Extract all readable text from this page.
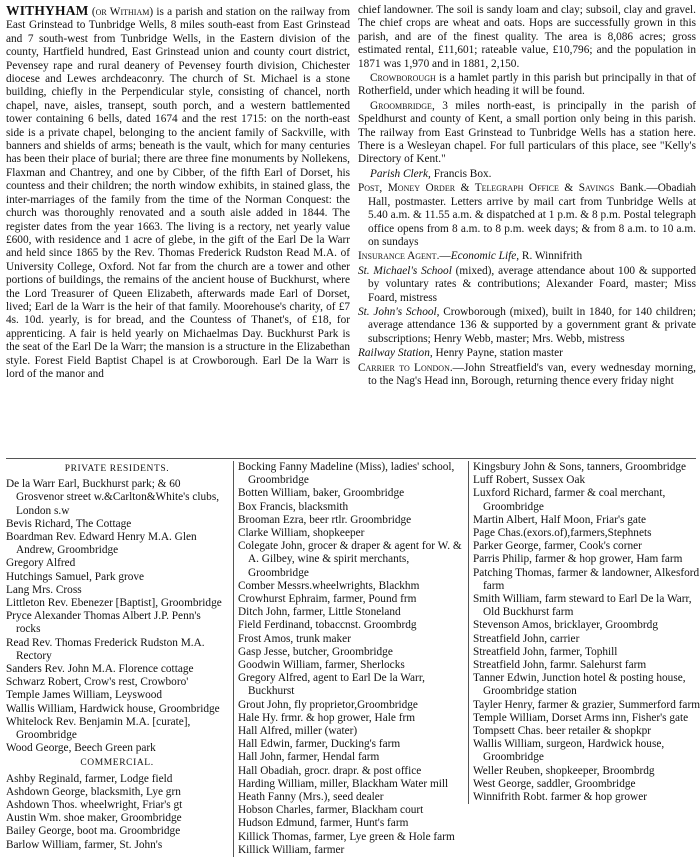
WITHYHAM (or Withiam) is a parish and station on the railway from East Grinstead to Tunbridge Wells, 8 miles south-east from East Grinstead and 7 south-west from Tunbridge Wells, in the Eastern division of the county, Hartfield hundred, East Grinstead union and county court district, Pevensey rape and rural deanery of Pevensey fourth division, Chichester diocese and Lewes archdeaconry. The church of St. Michael is a stone building, chiefly in the Perpendicular style, consisting of chancel, north chapel, nave, aisles, transept, south porch, and a western battlemented tower containing 6 bells, dated 1674 and the rest 1715: on the north-east side is a private chapel, belonging to the ancient family of Sackville, with banners and shields of arms; beneath is the vault, which for many centuries has been their place of burial; there are three fine monuments by Nollekens, Flaxman and Chantrey, and one by Cibber, of the fifth Earl of Dorset, his countess and their children; the north window exhibits, in stained glass, the inter-marriages of the family from the time of the Norman Conquest: the church was thoroughly renovated and a south aisle added in 1844. The register dates from the year 1663. The living is a rectory, net yearly value £600, with residence and 1 acre of glebe, in the gift of the Earl De la Warr and held since 1865 by the Rev. Thomas Frederick Rudston Read M.A. of University College, Oxford. Not far from the church are a tower and other portions of buildings, the remains of the ancient house of Buckhurst, where the Lord Treasurer of Queen Elizabeth, afterwards made Earl of Dorset, lived; Earl de la Warr is the heir of that family. Moorehouse's charity, of £7 4s. 10d. yearly, is for bread, and the Countess of Thanet's, of £18, for apprenticing. A fair is held yearly on Michaelmas Day. Buckhurst Park is the seat of the Earl De la Warr; the mansion is a structure in the Elizabethan style. Forest Field Baptist Chapel is at Crowborough. Earl De la Warr is lord of the manor and

chief landowner. The soil is sandy loam and clay; subsoil, clay and gravel. The chief crops are wheat and oats. Hops are successfully grown in this parish, and are of the finest quality. The area is 8,086 acres; gross estimated rental, £11,601; rateable value, £10,796; and the population in 1871 was 1,970 and in 1881, 2,150.

Crowborough is a hamlet partly in this parish but principally in that of Rotherfield, under which heading it will be found.

Groombridge, 3 miles north-east, is principally in the parish of Speldhurst and county of Kent, a small portion only being in this parish. The railway from East Grinstead to Tunbridge Wells has a station here. There is a Wesleyan chapel. For full particulars of this place, see "Kelly's Directory of Kent."

Parish Clerk, Francis Box.

Post, Money Order & Telegraph Office & Savings Bank.—Obadiah Hall, postmaster. Letters arrive by mail cart from Tunbridge Wells at 5.40 a.m. & 11.55 a.m. & dispatched at 1 p.m. & 8 p.m. Postal telegraph office opens from 8 a.m. to 8 p.m. week days; & from 8 a.m. to 10 a.m. on sundays

Insurance Agent.—Economic Life, R. Winnifrith

St. Michael's School (mixed), average attendance about 100 & supported by voluntary rates & contributions; Alexander Foard, master; Miss Foard, mistress

St. John's School, Crowborough (mixed), built in 1840, for 140 children; average attendance 136 & supported by a government grant & private subscriptions; Henry Webb, master; Mrs. Webb, mistress

Railway Station, Henry Payne, station master

Carrier to London.—John Streatfield's van, every wednesday morning, to the Nag's Head inn, Borough, returning thence every friday night

PRIVATE RESIDENTS.
De la Warr Earl, Buckhurst park; & 60 Grosvenor street w.&Carlton&White's clubs, London s.w
Bevis Richard, The Cottage
Boardman Rev. Edward Henry M.A. Glen Andrew, Groombridge
Gregory Alfred
Hutchings Samuel, Park grove
Lang Mrs. Cross
Littleton Rev. Ebenezer [Baptist], Groombridge
Pryce Alexander Thomas Albert J.P. Penn's rocks
Read Rev. Thomas Frederick Rudston M.A. Rectory
Sanders Rev. John M.A. Florence cottage
Schwarz Robert, Crow's rest, Crowboro'
Temple James William, Leyswood
Wallis William, Hardwick house, Groombridge
Whitelock Rev. Benjamin M.A. [curate], Groombridge
Wood George, Beech Green park
COMMERCIAL.
Ashby Reginald, farmer, Lodge field
Ashdown George, blacksmith, Lye grn
Ashdown Thos. wheelwright, Friar's gt
Austin Wm. shoe maker, Groombridge
Bailey George, boot ma. Groombridge
Barlow William, farmer, St. John's
Bocking Fanny Madeline (Miss), ladies' school, Groombridge
Botten William, baker, Groombridge
Box Francis, blacksmith
Brooman Ezra, beer rtlr. Groombridge
Clarke William, shopkeeper
Colegate John, grocer & draper & agent for W. & A. Gilbey, wine & spirit merchants, Groombridge
Comber Messrs.wheelwrights, Blackhm
Crowhurst Ephraim, farmer, Pound frm
Ditch John, farmer, Little Stoneland
Field Ferdinand, tobaccnst. Groombrdg
Frost Amos, trunk maker
Gasp Jesse, butcher, Groombridge
Goodwin William, farmer, Sherlocks
Gregory Alfred, agent to Earl De la Warr, Buckhurst
Grout John, fly proprietor,Groombridge
Hale Hy. frmr. & hop grower, Hale frm
Hall Alfred, miller (water)
Hall Edwin, farmer, Ducking's farm
Hall John, farmer, Hendal farm
Hall Obadiah, grocr. drapr. & post office
Harding William, miller, Blackham Water mill
Heath Fanny (Mrs.), seed dealer
Hobson Charles, farmer, Blackham court
Hudson Edmund, farmer, Hunt's farm
Killick Thomas, farmer, Lye green & Hole farm
Killick William, farmer
Kingsbury John & Sons, tanners, Groombridge
Luff Robert, Sussex Oak
Luxford Richard, farmer & coal merchant, Groombridge
Martin Albert, Half Moon, Friar's gate
Page Chas.(exors.of),farmers,Stephnets
Parker George, farmer, Cook's corner
Parris Philip, farmer & hop grower, Ham farm
Patching Thomas, farmer & landowner, Alkesford farm
Smith William, farm steward to Earl De la Warr, Old Buckhurst farm
Stevenson Amos, bricklayer, Groombrdg
Streatfield John, carrier
Streatfield John, farmer, Tophill
Streatfield John, farmr. Salehurst farm
Tanner Edwin, Junction hotel & posting house, Groombridge station
Tayler Henry, farmer & grazier, Summerford farm
Temple William, Dorset Arms inn, Fisher's gate
Tompsett Chas. beer retailer & shopkpr
Wallis William, surgeon, Hardwick house, Groombridge
Weller Reuben, shopkeeper, Broombrdg
West George, saddler, Groombridge
Winnifrith Robt. farmer & hop grower
